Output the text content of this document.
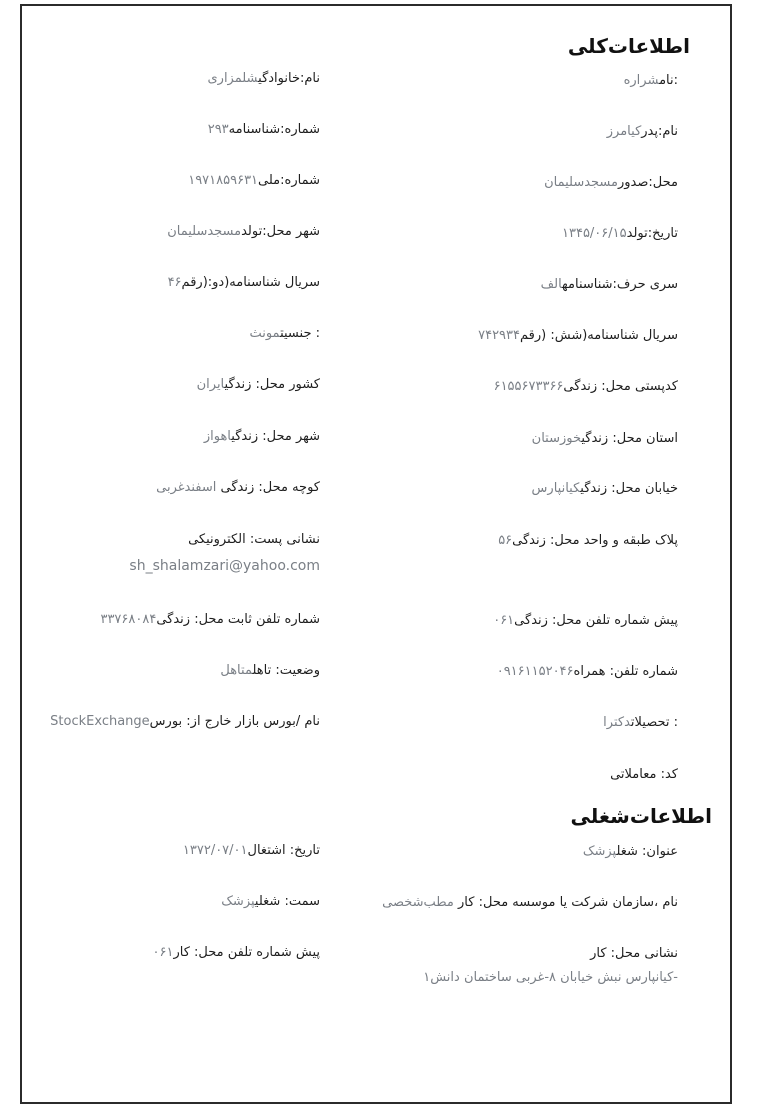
اطلاعات‌کلی
:نامشراره
نام:خانوادگیشلمزاری
نام:پدرکیامرز
شماره:شناسنامه۲۹۳
محل:صدورمسجدسلیمان
شماره:ملی۱۹۷۱۸۵۹۶۳۱
تاریخ:تولد۱۳۴۵/۰۶/۱۵
شهر محل:تولدمسجدسلیمان
سری حرف:شناسنامهالف
سریال شناسنامه(دو:(رقم۴۶
سریال شناسنامه(شش: (رقم۷۴۲۹۳۴
: جنسیتمونث
کدپستی محل: زندگی۶۱۵۵۶۷۳۳۶۶
کشور محل: زندگیایران
استان محل: زندگیخوزستان
شهر محل: زندگیاهواز
خیابان محل: زندگیکیانپارس
کوچه محل: زندگی اسفندغربی
پلاک طبقه و واحد محل: زندگی۵۶
نشانی پست: الکترونیکی
sh_shalamzari@yahoo.com
پیش شماره تلفن محل: زندگی۰۶۱
شماره تلفن ثابت محل: زندگی۳۳۷۶۸۰۸۴
شماره تلفن: همراه۰۹۱۶۱۱۵۲۰۴۶
وضعیت: تاهلمتاهل
: تحصیلاتدکترا
نام /بورس بازار خارج از: بورسStockExchange
کد: معاملاتی
اطلاعات‌شغلی
عنوان: شغلپزشک
تاریخ: اشتغال۱۳۷۲/۰۷/۰۱
نام ،سازمان شرکت یا موسسه محل: کار مطب‌شخصی
سمت: شغلیپزشک
نشانی محل: کار
-کیانپارس نبش خیابان ۸-غربی ساختمان دانش۱
پیش شماره تلفن محل: کار۰۶۱
